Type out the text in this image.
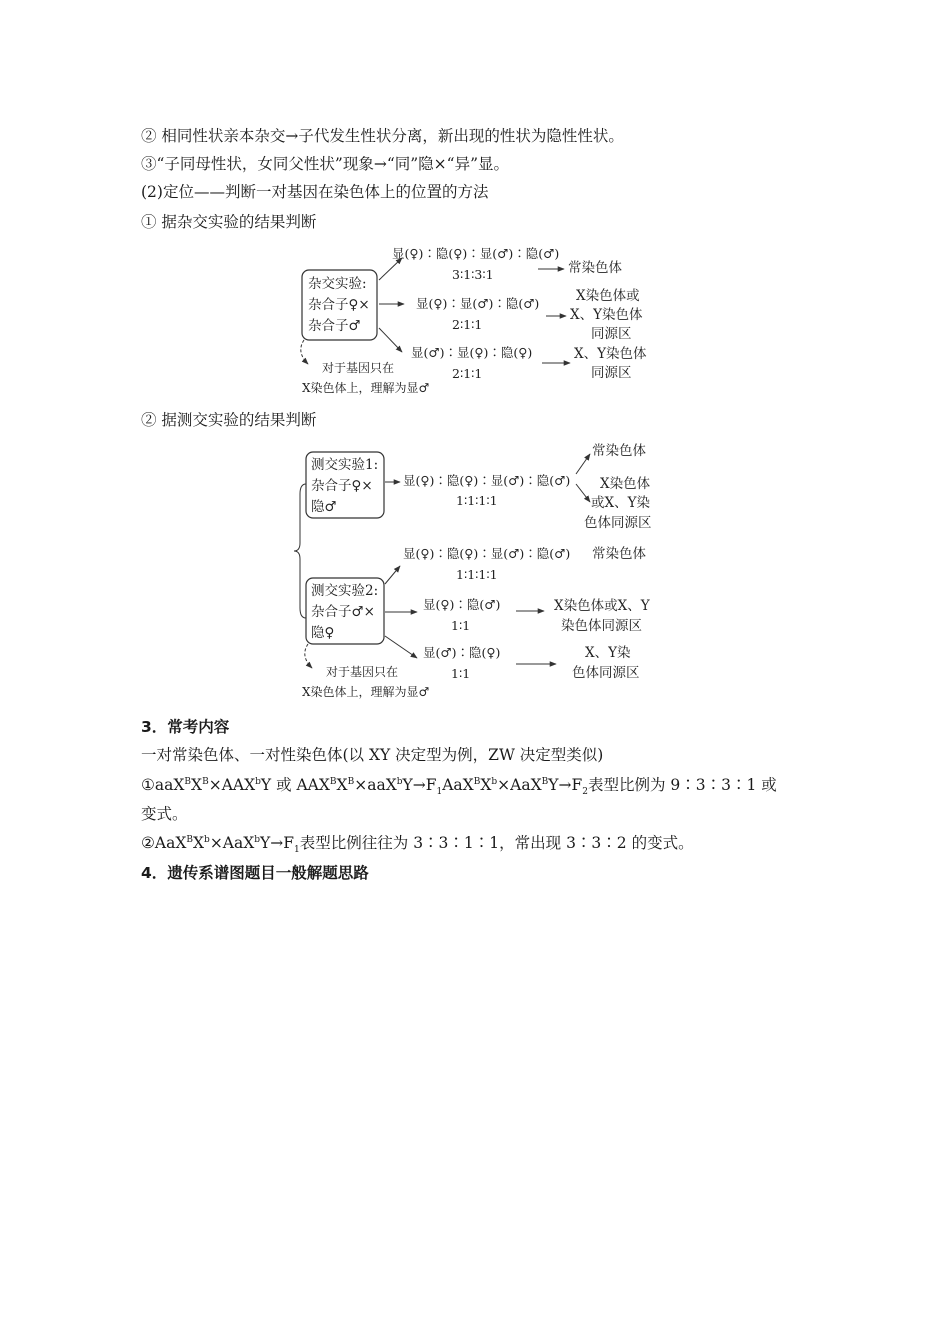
② 相同性状亲本杂交→子代发生性状分离，新出现的性状为隐性性状。
③“子同母性状，女同父性状”现象→“同”隐×“异”显。
(2)定位——判断一对基因在染色体上的位置的方法
① 据杂交实验的结果判断
杂交实验:
杂合子♀×
杂合子♂
显(♀)∶隐(♀)∶显(♂)∶隐(♂)
3∶1∶3∶1	常染色体
显(♀)∶显(♂)∶隐(♂)
2∶1∶1
X染色体或
X、Y染色体
同源区
显(♂)∶显(♀)∶隐(♀)
2∶1∶1
X、Y染色体
同源区
对于基因只在
X染色体上，理解为显♂
② 据测交实验的结果判断
测交实验1:
杂合子♀×
隐♂
显(♀)∶隐(♀)∶显(♂)∶隐(♂)
1∶1∶1∶1
常染色体
X染色体
或X、Y染
色体同源区
测交实验2:
杂合子♂×
隐♀
显(♀)∶隐(♀)∶显(♂)∶隐(♂)
1∶1∶1∶1
常染色体
显(♀)∶隐(♂)
1∶1
X染色体或X、Y
染色体同源区
显(♂)∶隐(♀)
1∶1
X、Y染
色体同源区
对于基因只在
X染色体上，理解为显♂
3．常考内容
一对常染色体、一对性染色体(以 XY 决定型为例，ZW 决定型类似)
$①aaX^BX^B\times AAX^bY$ 或 $AAX^BX^B\times aaX^bY\to F_1AaX^BX^b\times AaX^BY\to F_2$表型比例为 9∶3∶3∶1 或
变式。
$②AaX^BX^b\times AaX^bY\to F_1$表型比例往往为 3∶3∶1∶1，常出现 3∶3∶2 的变式。
4．遗传系谱图题目一般解题思路
